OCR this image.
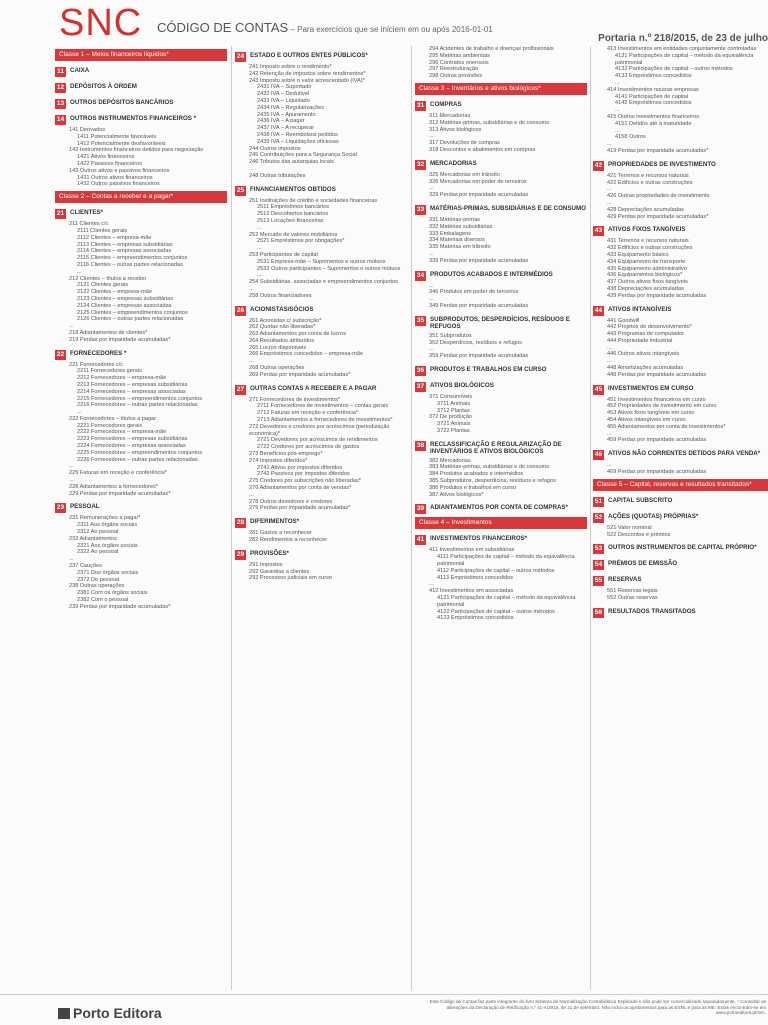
SNC CÓDIGO DE CONTAS – Para exercícios que se iniciem em ou após 2016-01-01
Portaria n.º 218/2015, de 23 de julho
Classe 1 – Meios financeiros líquidos*
11 CAIXA
12 DEPÓSITOS À ORDEM
13 OUTROS DEPÓSITOS BANCÁRIOS
14 OUTROS INSTRUMENTOS FINANCEIROS *
141 Derivados
1411 Potencialmente favoráveis
1412 Potencialmente desfavoráveis
142 Instrumentos financeiros detidos para negociação
1421 Ativos financeiros
1422 Passivos financeiros
143 Outros ativos e passivos financeiros
1431 Outros ativos financeiros
1432 Outros passivos financeiros
Classe 2 – Contas a receber e a pagar*
21 CLIENTES*
211 Clientes c/c
2111 Clientes gerais
2112 Clientes – empresa-mãe
2113 Clientes – empresas subsidiárias
2114 Clientes – empresas associadas
2115 Clientes – empreendimentos conjuntos
2116 Clientes – outras partes relacionadas
...
212 Clientes – títulos a receber
2121 Clientes gerais
2122 Clientes – empresa-mãe
2123 Clientes – empresas subsidiárias
2124 Clientes – empresas associadas
2125 Clientes – empreendimentos conjuntos
2126 Clientes – outras partes relacionadas
...
218 Adiantamentos de clientes*
219 Perdas por imparidade acumuladas*
22 FORNECEDORES *
221 Fornecedores c/c
2211 Fornecedores gerais
2212 Fornecedores – empresa-mãe
2213 Fornecedores – empresas subsidiárias
2214 Fornecedores – empresas associadas
2215 Fornecedores – empreendimentos conjuntos
2216 Fornecedores – outras partes relacionadas
...
222 Fornecedores – títulos a pagar
2221 Fornecedores gerais
2222 Fornecedores – empresa-mãe
2223 Fornecedores – empresas subsidiárias
2224 Fornecedores – empresas associadas
2225 Fornecedores – empreendimentos conjuntos
2226 Fornecedores – outras partes relacionadas
...
225 Faturas em receção e conferência*
...
228 Adiantamentos a fornecedores*
229 Perdas por imparidade acumuladas*
23 PESSOAL
231 Remunerações a pagar*
2311 Aos órgãos sociais
2312 Ao pessoal
232 Adiantamentos
2321 Aos órgãos sociais
2322 Ao pessoal
...
237 Cauções
2371 Dos órgãos sociais
2372 Do pessoal
238 Outras operações
2381 Com os órgãos sociais
2382 Com o pessoal
239 Perdas por imparidade acumuladas*
24 ESTADO E OUTROS ENTES PÚBLICOS*
241 Imposto sobre o rendimento*
242 Retenção de impostos sobre rendimentos*
243 Imposto sobre o valor acrescentado (IVA)*
2431 IVA – Suportado
2432 IVA – Dedutível
2433 IVA – Liquidado
2434 IVA – Regularizações
2435 IVA – Apuramento
2436 IVA – A pagar
2437 IVA – A recuperar
2438 IVA – Reembolsos pedidos
2439 IVA – Liquidações oficiosas
244 Outros impostos
245 Contribuições para a Segurança Social
246 Tributos das autarquias locais
...
248 Outras tributações
25 FINANCIAMENTOS OBTIDOS
251 Instituições de crédito e sociedades financeiras
2511 Empréstimos bancários
2512 Descobertos bancários
2513 Locações financeiras
...
252 Mercado de valores mobiliários
2521 Empréstimos por obrigações*
...
253 Participantes de capital
2531 Empresa-mãe – Suprimentos e outros mútuos
2532 Outros participantes – Suprimentos e outros mútuos
...
254 Subsidiárias, associadas e empreendimentos conjuntos
...
258 Outros financiadores
26 ACIONISTAS/SÓCIOS
261 Acionistas c/ subscrição*
262 Quotas não liberadas*
263 Adiantamentos por conta de lucros
264 Resultados atribuídos
265 Lucros disponíveis
266 Empréstimos concedidos – empresa-mãe
...
268 Outras operações
269 Perdas por imparidade acumuladas*
27 OUTRAS CONTAS A RECEBER E A PAGAR
271 Fornecedores de investimentos*
2711 Fornecedores de investimentos – contas gerais
2712 Faturas em receção e conferência*
2713 Adiantamentos a fornecedores de investimentos*
272 Devedores e credores por acréscimos (periodização económica)*
2721 Devedores por acréscimos de rendimentos
2722 Credores por acréscimos de gastos
273 Benefícios pós-emprego*
274 Impostos diferidos*
2741 Ativos por impostos diferidos
2742 Passivos por impostos diferidos
275 Credores por subscrições não liberadas*
276 Adiantamentos por conta de vendas*
...
278 Outros devedores e credores
279 Perdas por imparidade acumuladas*
28 DIFERIMENTOS*
281 Gastos a reconhecer
282 Rendimentos a reconhecer
29 PROVISÕES*
291 Impostos
292 Garantias a clientes
293 Processos judiciais em curso
294 Acidentes de trabalho e doenças profissionais
295 Matérias ambientais
296 Contratos onerosos
297 Reestruturação
298 Outras provisões
Classe 3 – Inventários e ativos biológicos*
31 COMPRAS
311 Mercadorias
312 Matérias-primas, subsidiárias e de consumo
313 Ativos biológicos
...
317 Devoluções de compras
318 Descontos e abatimentos em compras
32 MERCADORIAS
325 Mercadorias em trânsito
326 Mercadorias em poder de terceiros
...
329 Perdas por imparidade acumuladas
33 MATÉRIAS-PRIMAS, SUBSIDIÁRIAS E DE CONSUMO
331 Matérias-primas
332 Matérias subsidiárias
333 Embalagens
334 Materiais diversos
335 Matérias em trânsito
...
339 Perdas por imparidade acumuladas
34 PRODUTOS ACABADOS E INTERMÉDIOS
...
346 Produtos em poder de terceiros
...
349 Perdas por imparidade acumuladas
35 SUBPRODUTOS, DESPERDÍCIOS, RESÍDUOS E REFUGOS
351 Subprodutos
352 Desperdícios, resíduos e refugos
...
359 Perdas por imparidade acumuladas
36 PRODUTOS E TRABALHOS EM CURSO
37 ATIVOS BIOLÓGICOS
371 Consumíveis
3711 Animais
3712 Plantas
372 De produção
3721 Animais
3722 Plantas
38 RECLASSIFICAÇÃO E REGULARIZAÇÃO DE INVENTÁRIOS E ATIVOS BIOLÓGICOS
382 Mercadorias
383 Matérias-primas, subsidiárias e de consumo
384 Produtos acabados e intermédios
385 Subprodutos, desperdícios, resíduos e refugos
386 Produtos e trabalhos em curso
387 Ativos biológicos*
39 ADIANTAMENTOS POR CONTA DE COMPRAS*
Classe 4 – Investimentos
41 INVESTIMENTOS FINANCEIROS*
411 Investimentos em subsidiárias
4111 Participações de capital – método da equivalência patrimonial
4112 Participações de capital – outros métodos
4113 Empréstimos concedidos
...
412 Investimentos em associadas
4121 Participações de capital – método da equivalência patrimonial
4122 Participações de capital – outros métodos
4123 Empréstimos concedidos
413 Investimentos em entidades conjuntamente controladas
4131 Participações de capital – método da equivalência patrimonial
4132 Participações de capital – outros métodos
4133 Empréstimos concedidos
...
414 Investimentos noutras empresas
4141 Participações de capital
4142 Empréstimos concedidos
...
415 Outros investimentos financeiros
4151 Detidos até à maturidade
...
4158 Outros
...
419 Perdas por imparidade acumuladas*
42 PROPRIEDADES DE INVESTIMENTO
421 Terrenos e recursos naturais
422 Edifícios e outras construções
...
426 Outras propriedades de investimento
...
428 Depreciações acumuladas
429 Perdas por imparidade acumuladas*
43 ATIVOS FIXOS TANGÍVEIS
431 Terrenos e recursos naturais
432 Edifícios e outras construções
433 Equipamento básico
434 Equipamento de transporte
435 Equipamento administrativo
436 Equipamentos biológicos*
437 Outros ativos fixos tangíveis
438 Depreciações acumuladas
439 Perdas por imparidade acumuladas
44 ATIVOS INTANGÍVEIS
441 Goodwill
442 Projetos de desenvolvimento*
443 Programas de computador
444 Propriedade industrial
...
446 Outros ativos intangíveis
...
448 Amortizações acumuladas
449 Perdas por imparidade acumuladas
45 INVESTIMENTOS EM CURSO
451 Investimentos financeiros em curso
452 Propriedades de investimento em curso
453 Ativos fixos tangíveis em curso
454 Ativos intangíveis em curso
455 Adiantamentos por conta de investimentos*
...
459 Perdas por imparidade acumuladas
46 ATIVOS NÃO CORRENTES DETIDOS PARA VENDA*
...
469 Perdas por imparidade acumuladas
Classe 5 – Capital, reservas e resultados transitados*
51 CAPITAL SUBSCRITO
52 AÇÕES (QUOTAS) PRÓPRIAS*
521 Valor nominal
522 Descontos e prémios
53 OUTROS INSTRUMENTOS DE CAPITAL PRÓPRIO*
54 PRÉMIOS DE EMISSÃO
55 RESERVAS
551 Reservas legais
552 Outras reservas
56 RESULTADOS TRANSITADOS
Porto Editora
Este Código de Contas faz parte integrante do livro Sistema de Normalização Contabilística Explicado e não pode ser comercializado separadamente. * Consultar as alterações da Declaração de Retificação n.º 41-A/2015, de 21 de setembro. Não inclui os ajustamentos para as ESNL e para as ME. Estas encontram-se em www.portoeditora.pt/snc.
